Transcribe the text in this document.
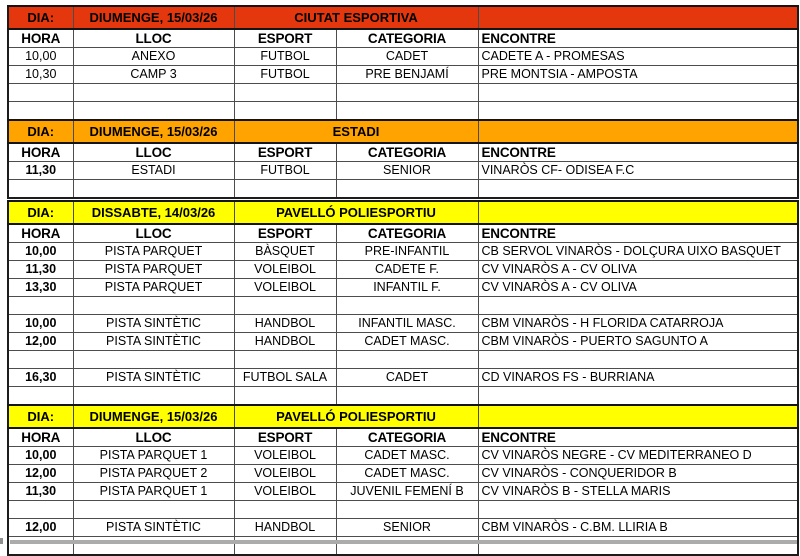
DIA:	DIUMENGE, 15/03/26	CIUTAT ESPORTIVA		
HORA	LLOC	ESPORT	CATEGORIA	ENCONTRE
10,00	ANEXO	FUTBOL	CADET	CADETE A - PROMESAS
10,30	CAMP 3	FUTBOL	PRE BENJAMÍ	PRE MONTSIA - AMPOSTA

DIA:	DIUMENGE, 15/03/26	ESTADI		
HORA	LLOC	ESPORT	CATEGORIA	ENCONTRE
11,30	ESTADI	FUTBOL	SENIOR	VINARÒS CF- ODISEA F.C

DIA:	DISSABTE, 14/03/26	PAVELLÓ POLIESPORTIU		
HORA	LLOC	ESPORT	CATEGORIA	ENCONTRE
10,00	PISTA PARQUET	BÀSQUET	PRE-INFANTIL	CB SERVOL VINARÒS - DOLÇURA UIXO BASQUET
11,30	PISTA PARQUET	VOLEIBOL	CADETE F.	CV VINARÒS A - CV OLIVA
13,30	PISTA PARQUET	VOLEIBOL	INFANTIL F.	CV VINARÒS A - CV OLIVA

10,00	PISTA SINTÈTIC	HANDBOL	INFANTIL MASC.	CBM VINARÒS - H FLORIDA CATARROJA
12,00	PISTA SINTÈTIC	HANDBOL	CADET MASC.	CBM VINARÒS - PUERTO SAGUNTO A

16,30	PISTA SINTÈTIC	FUTBOL SALA	CADET	CD VINAROS FS - BURRIANA

DIA:	DIUMENGE, 15/03/26	PAVELLÓ POLIESPORTIU		
HORA	LLOC	ESPORT	CATEGORIA	ENCONTRE
10,00	PISTA PARQUET 1	VOLEIBOL	CADET MASC.	CV VINARÒS NEGRE - CV MEDITERRANEO D
12,00	PISTA PARQUET 2	VOLEIBOL	CADET MASC.	CV VINARÒS - CONQUERIDOR B
11,30	PISTA PARQUET 1	VOLEIBOL	JUVENIL FEMENÍ B	CV VINARÒS B - STELLA MARIS

12,00	PISTA SINTÈTIC	HANDBOL	SENIOR	CBM VINARÒS - C.BM. LLIRIA B
